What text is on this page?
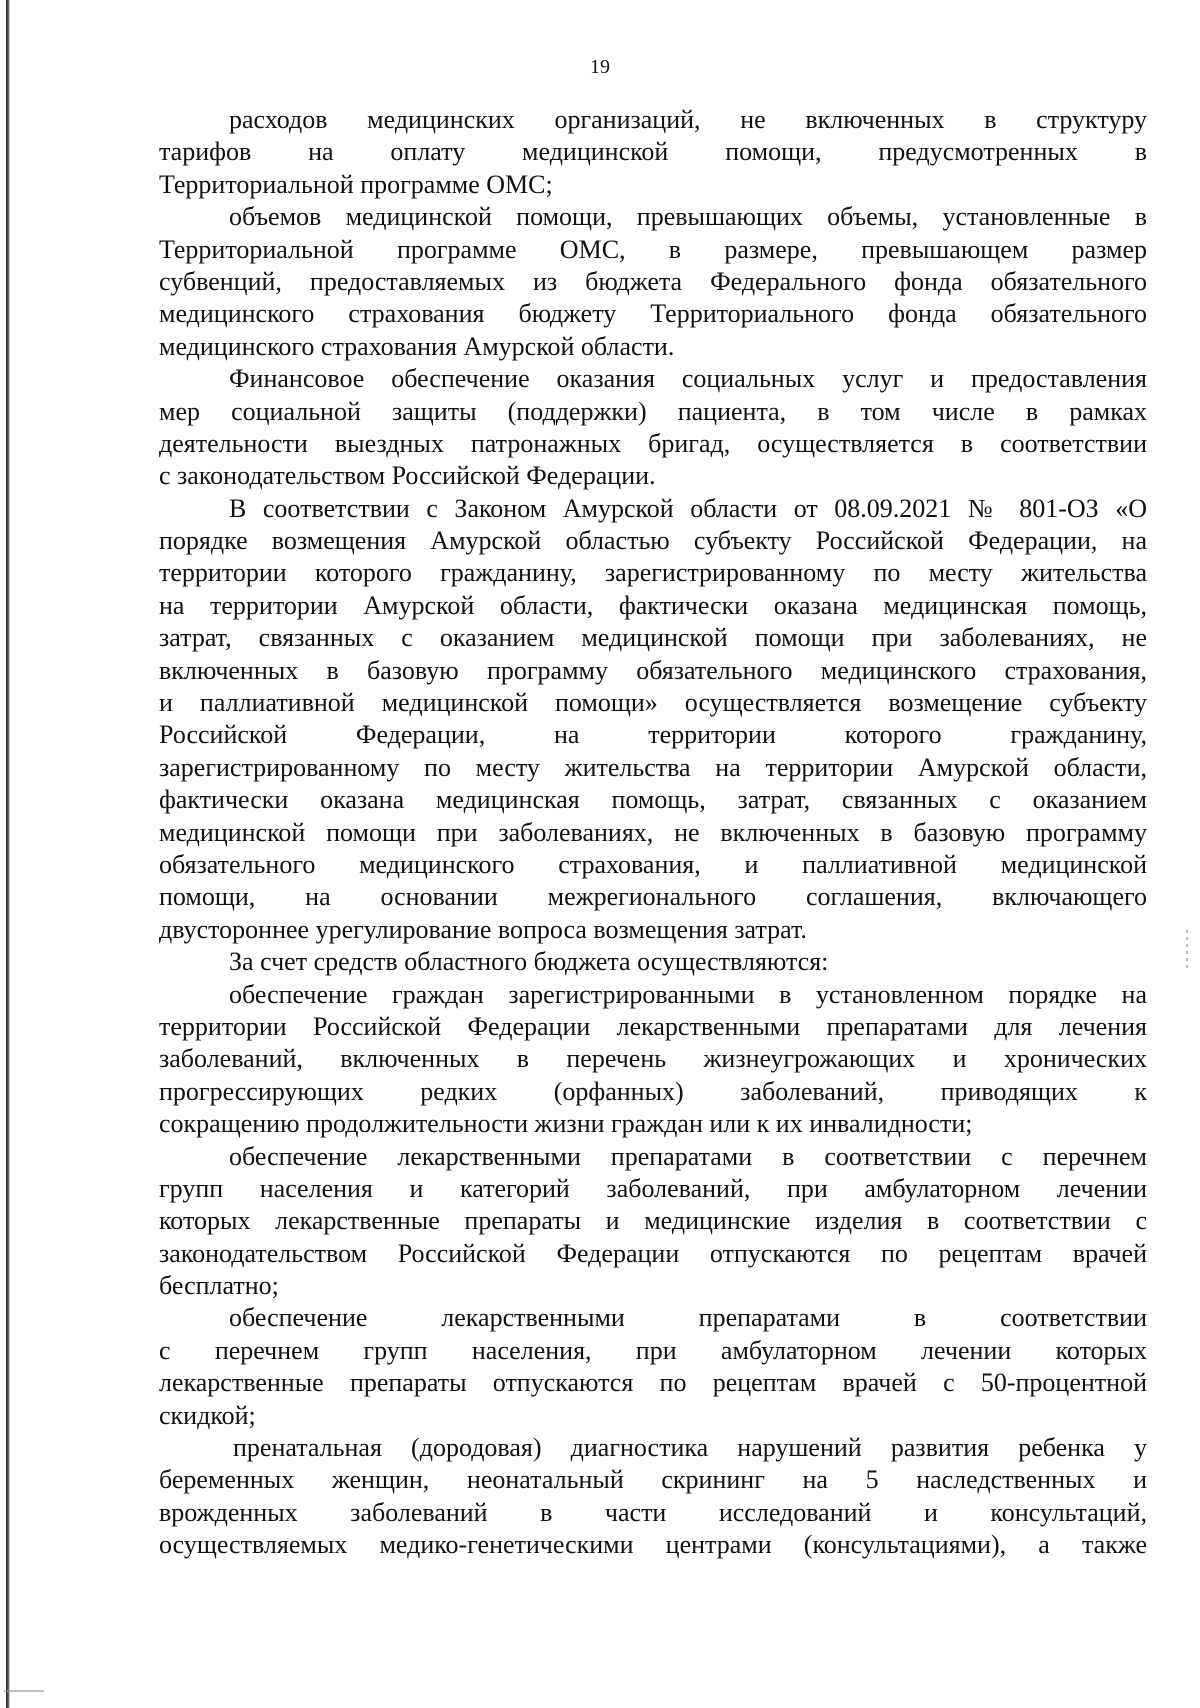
19
расходов медицинских организаций, не включенных в структуру
тарифов на оплату медицинской помощи, предусмотренных в
Территориальной программе ОМС;
объемов медицинской помощи, превышающих объемы, установленные в
Территориальной программе ОМС, в размере, превышающем размер
субвенций, предоставляемых из бюджета Федерального фонда обязательного
медицинского страхования бюджету Территориального фонда обязательного
медицинского страхования Амурской области.
Финансовое обеспечение оказания социальных услуг и предоставления
мер социальной защиты (поддержки) пациента, в том числе в рамках
деятельности выездных патронажных бригад, осуществляется в соответствии
с законодательством Российской Федерации.
В соответствии с Законом Амурской области от 08.09.2021 № 801-ОЗ «О
порядке возмещения Амурской областью субъекту Российской Федерации, на
территории которого гражданину, зарегистрированному по месту жительства
на территории Амурской области, фактически оказана медицинская помощь,
затрат, связанных с оказанием медицинской помощи при заболеваниях, не
включенных в базовую программу обязательного медицинского страхования,
и паллиативной медицинской помощи» осуществляется возмещение субъекту
Российской Федерации, на территории которого гражданину,
зарегистрированному по месту жительства на территории Амурской области,
фактически оказана медицинская помощь, затрат, связанных с оказанием
медицинской помощи при заболеваниях, не включенных в базовую программу
обязательного медицинского страхования, и паллиативной медицинской
помощи, на основании межрегионального соглашения, включающего
двустороннее урегулирование вопроса возмещения затрат.
За счет средств областного бюджета осуществляются:
обеспечение граждан зарегистрированными в установленном порядке на
территории Российской Федерации лекарственными препаратами для лечения
заболеваний, включенных в перечень жизнеугрожающих и хронических
прогрессирующих редких (орфанных) заболеваний, приводящих к
сокращению продолжительности жизни граждан или к их инвалидности;
обеспечение лекарственными препаратами в соответствии с перечнем
групп населения и категорий заболеваний, при амбулаторном лечении
которых лекарственные препараты и медицинские изделия в соответствии с
законодательством Российской Федерации отпускаются по рецептам врачей
бесплатно;
обеспечение лекарственными препаратами в соответствии
с перечнем групп населения, при амбулаторном лечении которых
лекарственные препараты отпускаются по рецептам врачей с 50-процентной
скидкой;
пренатальная (дородовая) диагностика нарушений развития ребенка у
беременных женщин, неонатальный скрининг на 5 наследственных и
врожденных заболеваний в части исследований и консультаций,
осуществляемых медико-генетическими центрами (консультациями), а также
